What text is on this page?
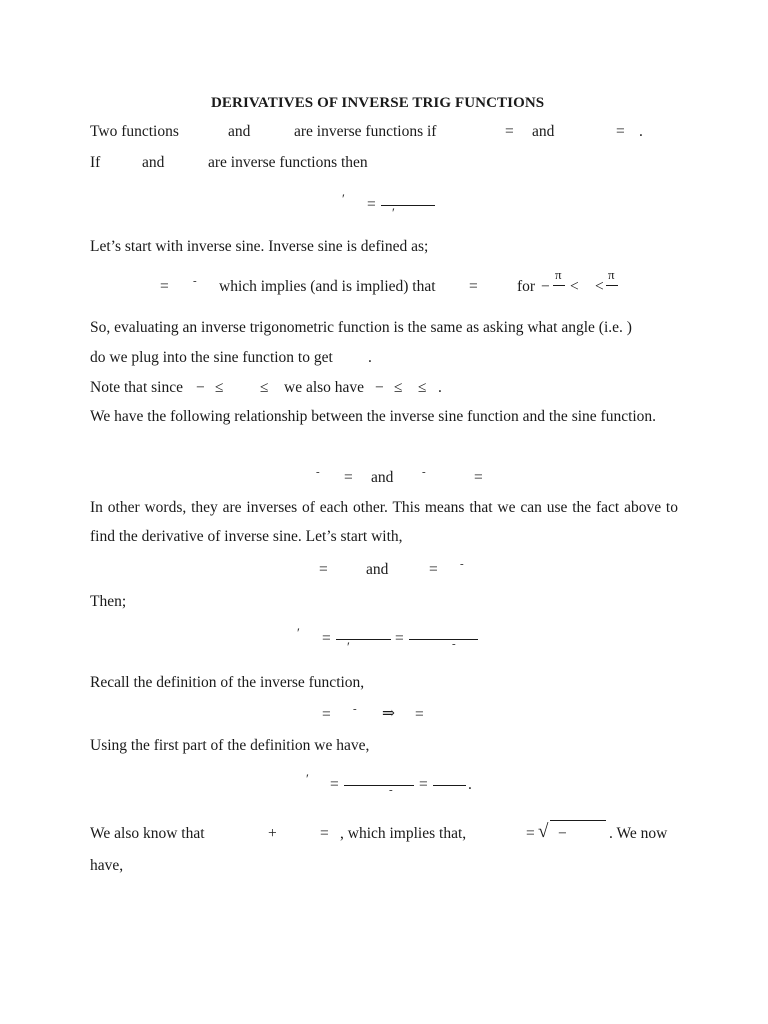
DERIVATIVES OF INVERSE TRIG FUNCTIONS
Two functions	and	are inverse functions if	= and	= .
If	and	are inverse functions then
′ = ′
Let’s start with inverse sine. Inverse sine is defined as;
= - which implies (and is implied) that =	for −
π
< <
π
So, evaluating an inverse trigonometric function is the same as asking what angle (i.e. )
do we plug into the sine function to get .
Note that since − ≤ ≤ we also have − ≤ ≤ .

We have the following relationship between the inverse sine function and the sine function.

- = and	-	=

In other words, they are inverses of each other. This means that we can use the fact above to find the derivative of inverse sine. Let’s start with,

= and	= -
Then;
′ = ′	=	-
Recall the definition of the inverse function,
= - ⇒ =
Using the first part of the definition we have,
′ =	- =	.
We also know that	+	= , which implies that,	= √ −	. We now
have,
